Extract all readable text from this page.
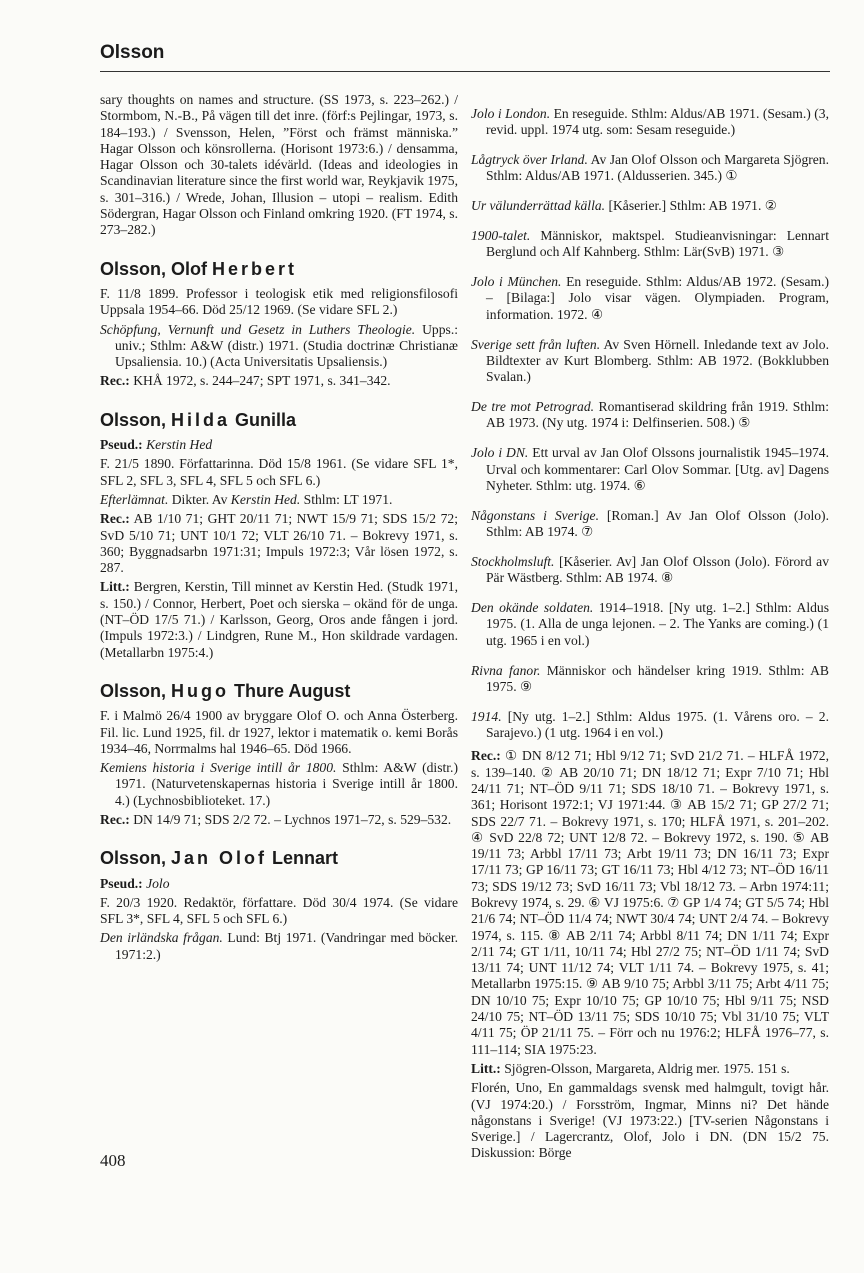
Olsson

sary thoughts on names and structure. (SS 1973, s. 223–262.) / Stormbom, N.-B., På vägen till det inre. (förf:s Pejlingar, 1973, s. 184–193.) / Svensson, Helen, ”Först och främst människa.” Hagar Olsson och könsrollerna. (Horisont 1973:6.) / densamma, Hagar Olsson och 30-talets idévärld. (Ideas and ideologies in Scandinavian literature since the first world war, Reykjavik 1975, s. 301–316.) / Wrede, Johan, Illusion – utopi – realism. Edith Södergran, Hagar Olsson och Finland omkring 1920. (FT 1974, s. 273–282.)

Olsson, Olof Herbert

F. 11/8 1899. Professor i teologisk etik med religionsfilosofi Uppsala 1954–66. Död 25/12 1969. (Se vidare SFL 2.)

Schöpfung, Vernunft und Gesetz in Luthers Theologie. Upps.: univ.; Sthlm: A&W (distr.) 1971. (Studia doctrinæ Christianæ Upsaliensia. 10.) (Acta Universitatis Upsaliensis.)

Rec.: KHÅ 1972, s. 244–247; SPT 1971, s. 341–342.

Olsson, Hilda Gunilla

Pseud.: Kerstin Hed

F. 21/5 1890. Författarinna. Död 15/8 1961. (Se vidare SFL 1*, SFL 2, SFL 3, SFL 4, SFL 5 och SFL 6.)

Efterlämnat. Dikter. Av Kerstin Hed. Sthlm: LT 1971.

Rec.: AB 1/10 71; GHT 20/11 71; NWT 15/9 71; SDS 15/2 72; SvD 5/10 71; UNT 10/1 72; VLT 26/10 71. – Bokrevy 1971, s. 360; Byggnadsarbn 1971:31; Impuls 1972:3; Vår lösen 1972, s. 287.

Litt.: Bergren, Kerstin, Till minnet av Kerstin Hed. (Studk 1971, s. 150.) / Connor, Herbert, Poet och sierska – okänd för de unga. (NT–ÖD 17/5 71.) / Karlsson, Georg, Oros ande fången i jord. (Impuls 1972:3.) / Lindgren, Rune M., Hon skildrade vardagen. (Metallarbn 1975:4.)

Olsson, Hugo Thure August

F. i Malmö 26/4 1900 av bryggare Olof O. och Anna Österberg. Fil. lic. Lund 1925, fil. dr 1927, lektor i matematik o. kemi Borås 1934–46, Norrmalms hal 1946–65. Död 1966.

Kemiens historia i Sverige intill år 1800. Sthlm: A&W (distr.) 1971. (Naturvetenskapernas historia i Sverige intill år 1800. 4.) (Lychnosbiblioteket. 17.)

Rec.: DN 14/9 71; SDS 2/2 72. – Lychnos 1971–72, s. 529–532.

Olsson, Jan Olof Lennart

Pseud.: Jolo

F. 20/3 1920. Redaktör, författare. Död 30/4 1974. (Se vidare SFL 3*, SFL 4, SFL 5 och SFL 6.)

Den irländska frågan. Lund: Btj 1971. (Vandringar med böcker. 1971:2.)

Jolo i London. En reseguide. Sthlm: Aldus/AB 1971. (Sesam.) (3, revid. uppl. 1974 utg. som: Sesam reseguide.)

Lågtryck över Irland. Av Jan Olof Olsson och Margareta Sjögren. Sthlm: Aldus/AB 1971. (Aldusserien. 345.) ①

Ur välunderrättad källa. [Kåserier.] Sthlm: AB 1971. ②

1900-talet. Människor, maktspel. Studieanvisningar: Lennart Berglund och Alf Kahnberg. Sthlm: Lär(SvB) 1971. ③

Jolo i München. En reseguide. Sthlm: Aldus/AB 1972. (Sesam.) – [Bilaga:] Jolo visar vägen. Olympiaden. Program, information. 1972. ④

Sverige sett från luften. Av Sven Hörnell. Inledande text av Jolo. Bildtexter av Kurt Blomberg. Sthlm: AB 1972. (Bokklubben Svalan.)

De tre mot Petrograd. Romantiserad skildring från 1919. Sthlm: AB 1973. (Ny utg. 1974 i: Delfinserien. 508.) ⑤

Jolo i DN. Ett urval av Jan Olof Olssons journalistik 1945–1974. Urval och kommentarer: Carl Olov Sommar. [Utg. av] Dagens Nyheter. Sthlm: utg. 1974. ⑥

Någonstans i Sverige. [Roman.] Av Jan Olof Olsson (Jolo). Sthlm: AB 1974. ⑦

Stockholmsluft. [Kåserier. Av] Jan Olof Olsson (Jolo). Förord av Pär Wästberg. Sthlm: AB 1974. ⑧

Den okände soldaten. 1914–1918. [Ny utg. 1–2.] Sthlm: Aldus 1975. (1. Alla de unga lejonen. – 2. The Yanks are coming.) (1 utg. 1965 i en vol.)

Rivna fanor. Människor och händelser kring 1919. Sthlm: AB 1975. ⑨

1914. [Ny utg. 1–2.] Sthlm: Aldus 1975. (1. Vårens oro. – 2. Sarajevo.) (1 utg. 1964 i en vol.)

Rec.: ① DN 8/12 71; Hbl 9/12 71; SvD 21/2 71. – HLFÅ 1972, s. 139–140. ② AB 20/10 71; DN 18/12 71; Expr 7/10 71; Hbl 24/11 71; NT–ÖD 9/11 71; SDS 18/10 71. – Bokrevy 1971, s. 361; Horisont 1972:1; VJ 1971:44. ③ AB 15/2 71; GP 27/2 71; SDS 22/7 71. – Bokrevy 1971, s. 170; HLFÅ 1971, s. 201–202. ④ SvD 22/8 72; UNT 12/8 72. – Bokrevy 1972, s. 190. ⑤ AB 19/11 73; Arbbl 17/11 73; Arbt 19/11 73; DN 16/11 73; Expr 17/11 73; GP 16/11 73; GT 16/11 73; Hbl 4/12 73; NT–ÖD 16/11 73; SDS 19/12 73; SvD 16/11 73; Vbl 18/12 73. – Arbn 1974:11; Bokrevy 1974, s. 29. ⑥ VJ 1975:6. ⑦ GP 1/4 74; GT 5/5 74; Hbl 21/6 74; NT–ÖD 11/4 74; NWT 30/4 74; UNT 2/4 74. – Bokrevy 1974, s. 115. ⑧ AB 2/11 74; Arbbl 8/11 74; DN 1/11 74; Expr 2/11 74; GT 1/11, 10/11 74; Hbl 27/2 75; NT–ÖD 1/11 74; SvD 13/11 74; UNT 11/12 74; VLT 1/11 74. – Bokrevy 1975, s. 41; Metallarbn 1975:15. ⑨ AB 9/10 75; Arbbl 3/11 75; Arbt 4/11 75; DN 10/10 75; Expr 10/10 75; GP 10/10 75; Hbl 9/11 75; NSD 24/10 75; NT–ÖD 13/11 75; SDS 10/10 75; Vbl 31/10 75; VLT 4/11 75; ÖP 21/11 75. – Förr och nu 1976:2; HLFÅ 1976–77, s. 111–114; SIA 1975:23.

Litt.: Sjögren-Olsson, Margareta, Aldrig mer. 1975. 151 s.

Florén, Uno, En gammaldags svensk med halmgult, tovigt hår. (VJ 1974:20.) / Forsström, Ingmar, Minns ni? Det hände någonstans i Sverige! (VJ 1973:22.) [TV-serien Någonstans i Sverige.] / Lagercrantz, Olof, Jolo i DN. (DN 15/2 75. Diskussion: Börge

408
